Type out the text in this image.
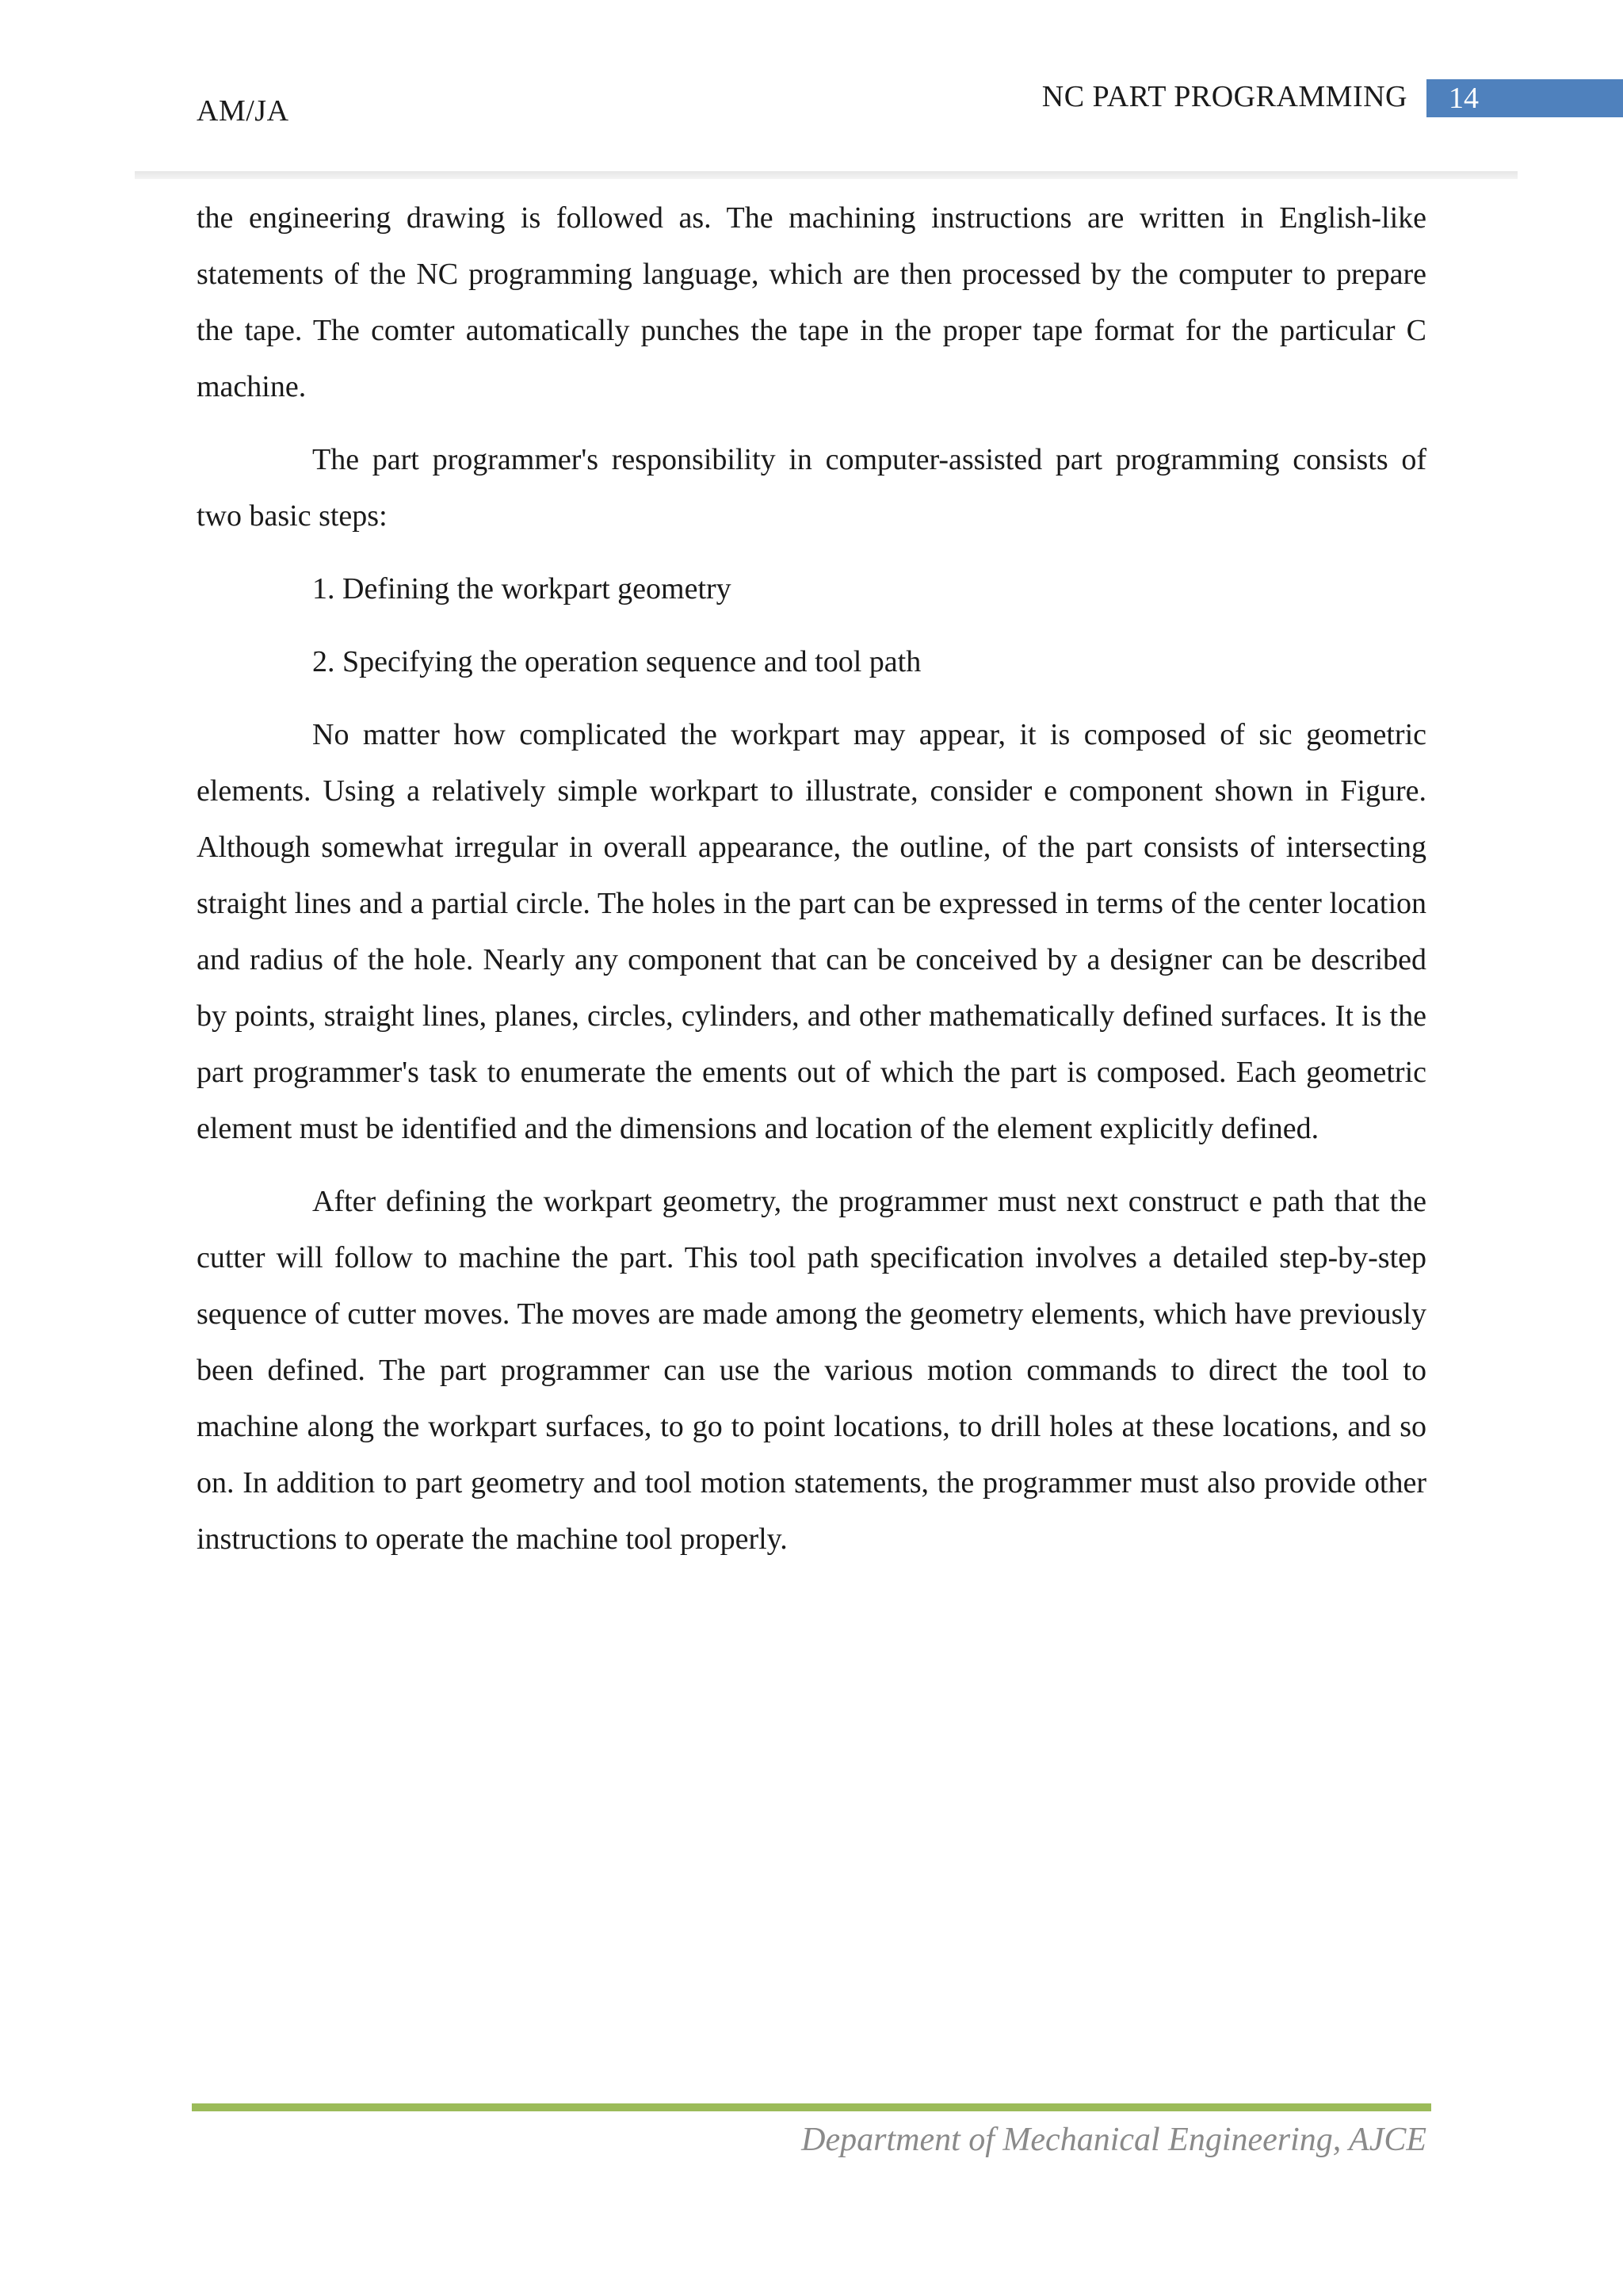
AM/JA	NC PART PROGRAMMING 14

the engineering drawing is followed as. The machining instructions are written in English-like statements of the NC programming language, which are then processed by the computer to prepare the tape. The comter automatically punches the tape in the proper tape format for the particular C machine.

The part programmer's responsibility in computer-assisted part programming consists of two basic steps:

1. Defining the workpart geometry

2. Specifying the operation sequence and tool path

No matter how complicated the workpart may appear, it is composed of sic geometric elements. Using a relatively simple workpart to illustrate, consider e component shown in Figure. Although somewhat irregular in overall appearance, the outline, of the part consists of intersecting straight lines and a partial circle. The holes in the part can be expressed in terms of the center location and radius of the hole. Nearly any component that can be conceived by a designer can be described by points, straight lines, planes, circles, cylinders, and other mathematically defined surfaces. It is the part programmer's task to enumerate the ements out of which the part is composed. Each geometric element must be identified and the dimensions and location of the element explicitly defined.

After defining the workpart geometry, the programmer must next construct e path that the cutter will follow to machine the part. This tool path specification involves a detailed step-by-step sequence of cutter moves. The moves are made among the geometry elements, which have previously been defined. The part programmer can use the various motion commands to direct the tool to machine along the workpart surfaces, to go to point locations, to drill holes at these locations, and so on. In addition to part geometry and tool motion statements, the programmer must also provide other instructions to operate the machine tool properly.

Department of Mechanical Engineering, AJCE
